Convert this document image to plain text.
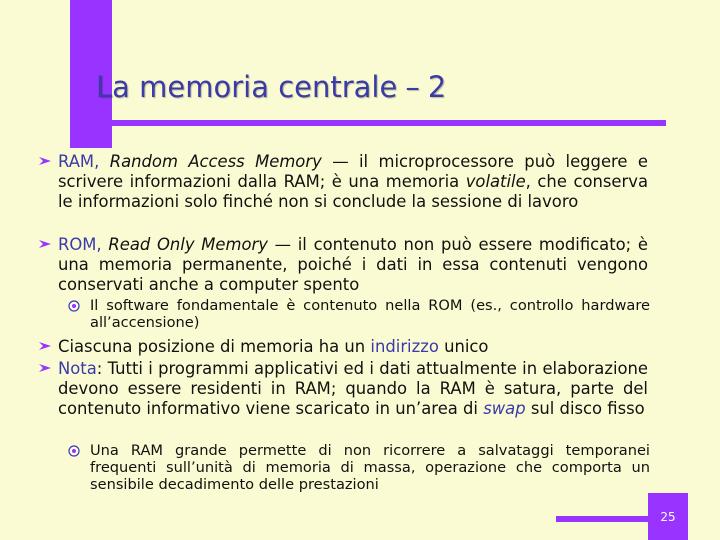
La memoria centrale – 2
RAM, Random Access Memory — il microprocessore può leggere e scrivere informazioni dalla RAM; è una memoria volatile, che conserva le informazioni solo finché non si conclude la sessione di lavoro
ROM, Read Only Memory — il contenuto non può essere modificato; è una memoria permanente, poiché i dati in essa contenuti vengono conservati anche a computer spento
Il software fondamentale è contenuto nella ROM (es., controllo hardware all’accensione)
Ciascuna posizione di memoria ha un indirizzo unico
Nota: Tutti i programmi applicativi ed i dati attualmente in elaborazione devono essere residenti in RAM; quando la RAM è satura, parte del contenuto informativo viene scaricato in un’area di swap sul disco fisso
Una RAM grande permette di non ricorrere a salvataggi temporanei frequenti sull’unità di memoria di massa, operazione che comporta un sensibile decadimento delle prestazioni
25
